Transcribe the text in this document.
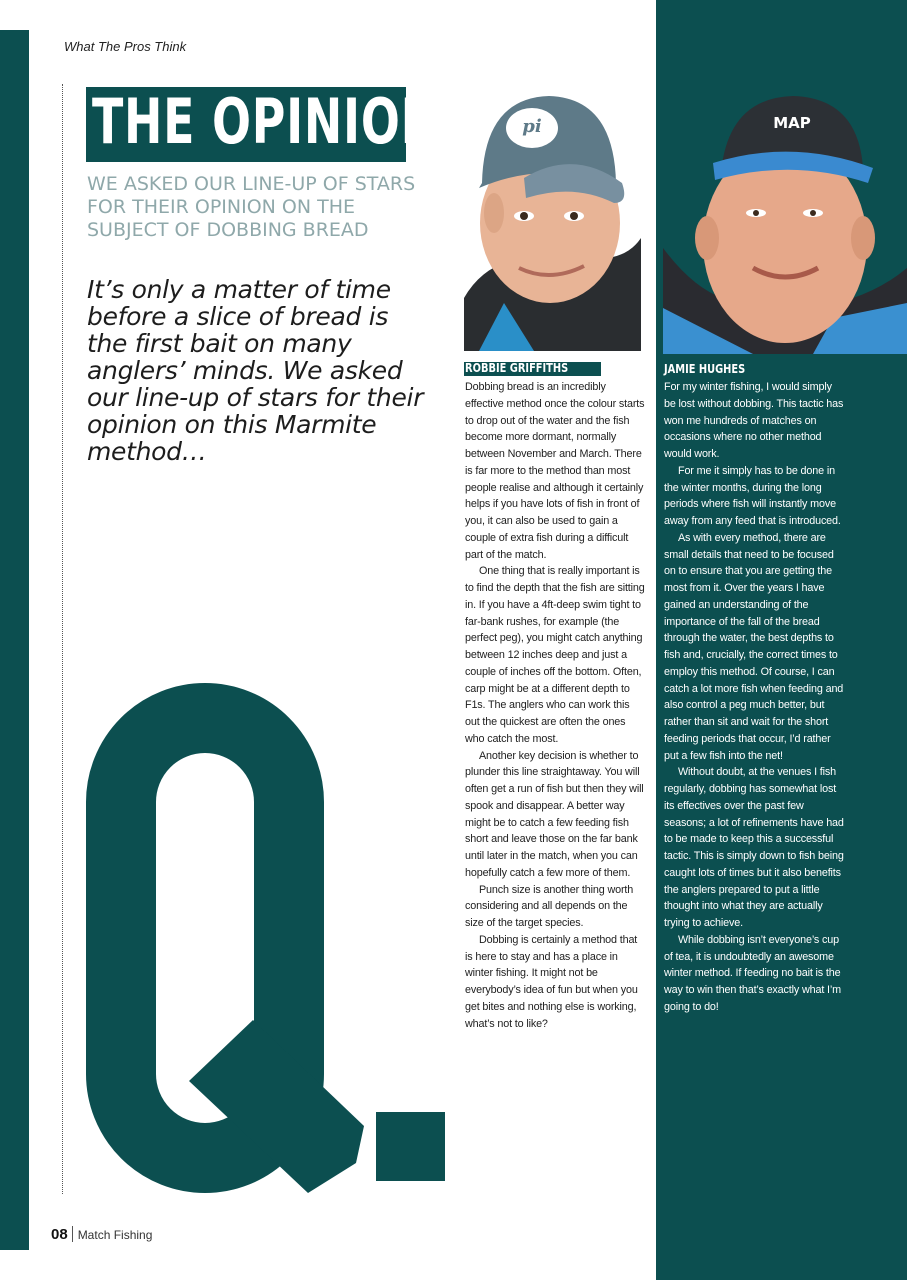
What The Pros Think
THE OPINION
WE ASKED OUR LINE-UP OF STARS FOR THEIR OPINION ON THE SUBJECT OF DOBBING BREAD
It’s only a matter of time before a slice of bread is the first bait on many anglers’ minds. We asked our line-up of stars for their opinion on this Marmite method…
pi	MAP
ROBBIE GRIFFITHS	JAMIE HUGHES

Dobbing bread is an incredibly effective method once the colour starts to drop out of the water and the fish become more dormant, normally between November and March. There is far more to the method than most people realise and although it certainly helps if you have lots of fish in front of you, it can also be used to gain a couple of extra fish during a difficult part of the match.

One thing that is really important is to find the depth that the fish are sitting in. If you have a 4ft-deep swim tight to far-bank rushes, for example (the perfect peg), you might catch anything between 12 inches deep and just a couple of inches off the bottom. Often, carp might be at a different depth to F1s. The anglers who can work this out the quickest are often the ones who catch the most.

Another key decision is whether to plunder this line straightaway. You will often get a run of fish but then they will spook and disappear. A better way might be to catch a few feeding fish short and leave those on the far bank until later in the match, when you can hopefully catch a few more of them.

Punch size is another thing worth considering and all depends on the size of the target species.

Dobbing is certainly a method that is here to stay and has a place in winter fishing. It might not be everybody’s idea of fun but when you get bites and nothing else is working, what’s not to like?

For my winter fishing, I would simply be lost without dobbing. This tactic has won me hundreds of matches on occasions where no other method would work.

For me it simply has to be done in the winter months, during the long periods where fish will instantly move away from any feed that is introduced.

As with every method, there are small details that need to be focused on to ensure that you are getting the most from it. Over the years I have gained an understanding of the importance of the fall of the bread through the water, the best depths to fish and, crucially, the correct times to employ this method. Of course, I can catch a lot more fish when feeding and also control a peg much better, but rather than sit and wait for the short feeding periods that occur, I’d rather put a few fish into the net!

Without doubt, at the venues I fish regularly, dobbing has somewhat lost its effectives over the past few seasons; a lot of refinements have had to be made to keep this a successful tactic. This is simply down to fish being caught lots of times but it also benefits the anglers prepared to put a little thought into what they are actually trying to achieve.

While dobbing isn’t everyone’s cup of tea, it is undoubtedly an awesome winter method. If feeding no bait is the way to win then that’s exactly what I’m going to do!

08 Match Fishing
